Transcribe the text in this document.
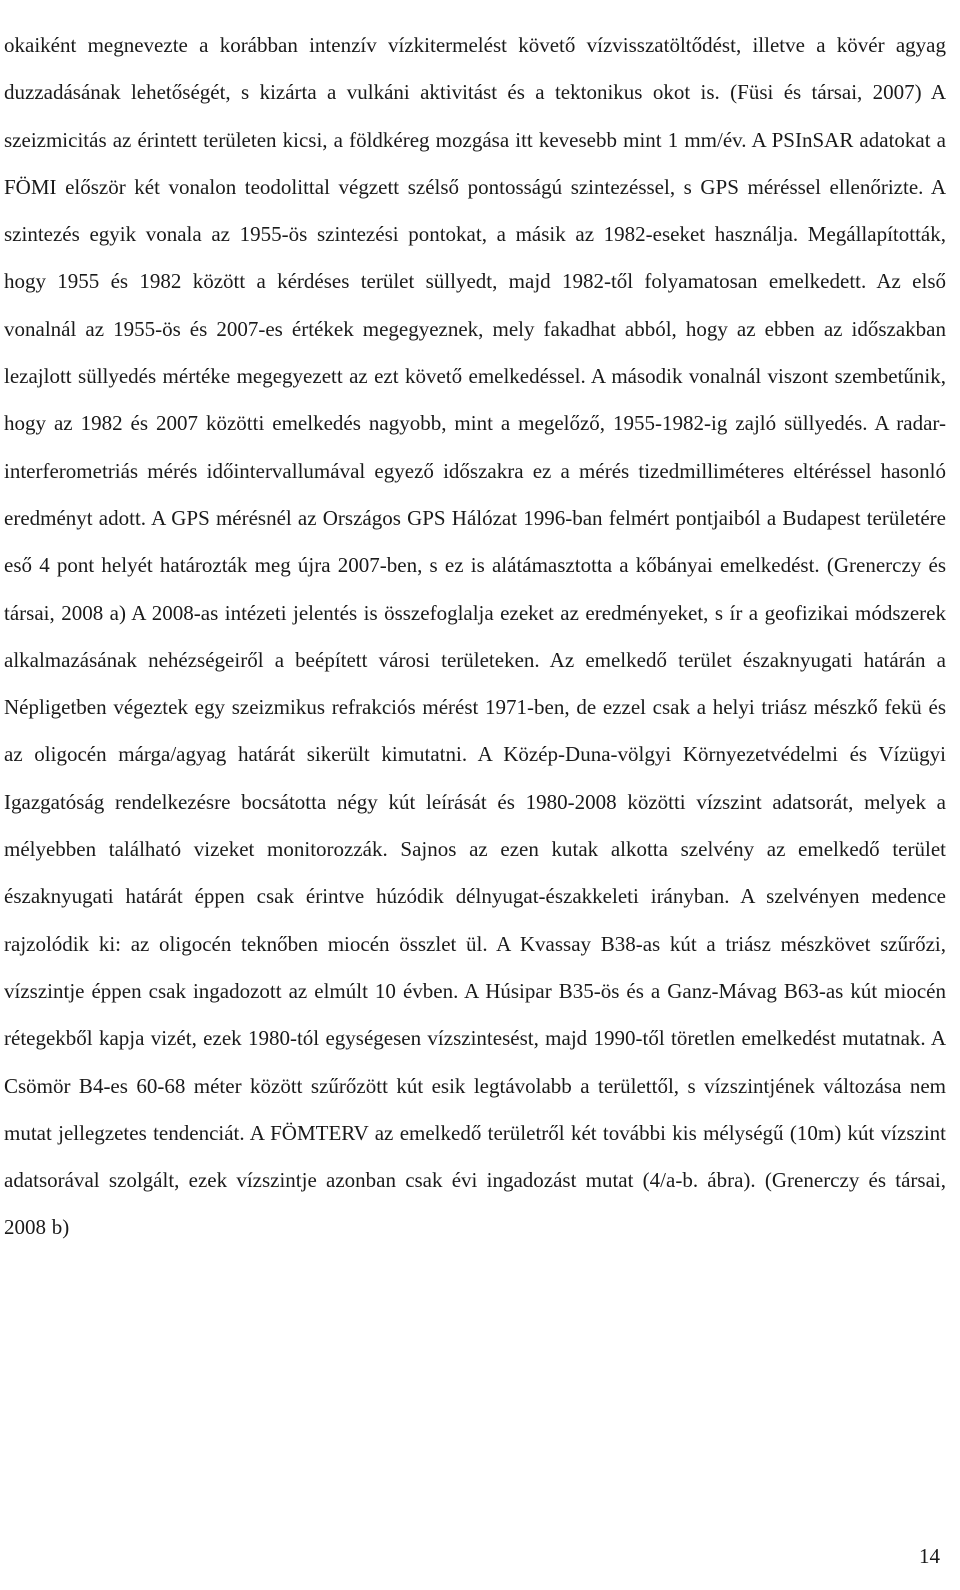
okaiként megnevezte a korábban intenzív vízkitermelést követő vízvisszatöltődést, illetve a kövér agyag duzzadásának lehetőségét, s kizárta a vulkáni aktivitást és a tektonikus okot is. (Füsi és társai, 2007) A szeizmicitás az érintett területen kicsi, a földkéreg mozgása itt kevesebb mint 1 mm/év. A PSInSAR adatokat a FÖMI először két vonalon teodolittal végzett szélső pontosságú szintezéssel, s GPS méréssel ellenőrizte. A szintezés egyik vonala az 1955-ös szintezési pontokat, a másik az 1982-eseket használja. Megállapították, hogy 1955 és 1982 között a kérdéses terület süllyedt, majd 1982-től folyamatosan emelkedett. Az első vonalnál az 1955-ös és 2007-es értékek megegyeznek, mely fakadhat abból, hogy az ebben az időszakban lezajlott süllyedés mértéke megegyezett az ezt követő emelkedéssel. A második vonalnál viszont szembetűnik, hogy az 1982 és 2007 közötti emelkedés nagyobb, mint a megelőző, 1955-1982-ig zajló süllyedés. A radar-interferometriás mérés időintervallumával egyező időszakra ez a mérés tizedmilliméteres eltéréssel hasonló eredményt adott. A GPS mérésnél az Országos GPS Hálózat 1996-ban felmért pontjaiból a Budapest területére eső 4 pont helyét határozták meg újra 2007-ben, s ez is alátámasztotta a kőbányai emelkedést. (Grenerczy és társai, 2008 a) A 2008-as intézeti jelentés is összefoglalja ezeket az eredményeket, s ír a geofizikai módszerek alkalmazásának nehézségeiről a beépített városi területeken. Az emelkedő terület északnyugati határán a Népligetben végeztek egy szeizmikus refrakciós mérést 1971-ben, de ezzel csak a helyi triász mészkő fekü és az oligocén márga/agyag határát sikerült kimutatni. A Közép-Duna-völgyi Környezetvédelmi és Vízügyi Igazgatóság rendelkezésre bocsátotta négy kút leírását és 1980-2008 közötti vízszint adatsorát, melyek a mélyebben található vizeket monitorozzák. Sajnos az ezen kutak alkotta szelvény az emelkedő terület északnyugati határát éppen csak érintve húzódik délnyugat-északkeleti irányban. A szelvényen medence rajzolódik ki: az oligocén teknőben miocén összlet ül. A Kvassay B38-as kút a triász mészkövet szűrőzi, vízszintje éppen csak ingadozott az elmúlt 10 évben. A Húsipar B35-ös és a Ganz-Mávag B63-as kút miocén rétegekből kapja vizét, ezek 1980-tól egységesen vízszintesést, majd 1990-től töretlen emelkedést mutatnak. A Csömör B4-es 60-68 méter között szűrőzött kút esik legtávolabb a területtől, s vízszintjének változása nem mutat jellegzetes tendenciát. A FÖMTERV az emelkedő területről két további kis mélységű (10m) kút vízszint adatsorával szolgált, ezek vízszintje azonban csak évi ingadozást mutat (4/a-b. ábra). (Grenerczy és társai, 2008 b)

14
